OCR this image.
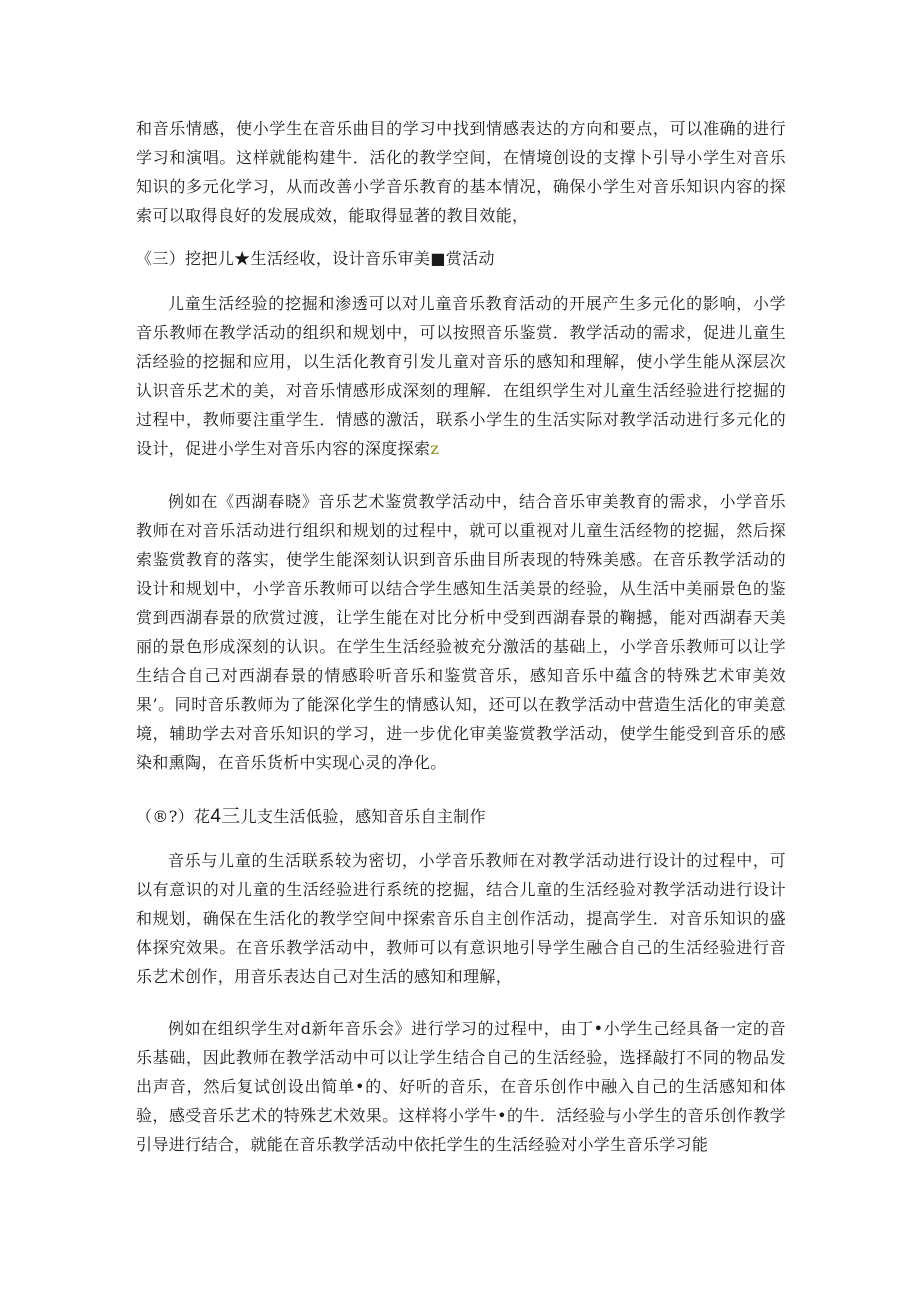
和音乐情感，使小学生在音乐曲目的学习中找到情感表达的方向和要点，可以准确的进行学习和演唱。这样就能构建牛．活化的教学空间，在情境创设的支撑卜引导小学生对音乐知识的多元化学习，从而改善小学音乐教育的基本情况，确保小学生对音乐知识内容的探索可以取得良好的发展成效，能取得显著的教目效能，

《三）挖把儿★生活经收，设计音乐审美■赏活动

儿童生活经验的挖掘和渗透可以对儿童音乐教育活动的开展产生多元化的影响，小学音乐教师在教学活动的组织和规划中，可以按照音乐鉴赏．教学活动的需求，促进儿童生活经验的挖掘和应用，以生活化教育引发儿童对音乐的感知和理解，使小学生能从深层次认识音乐艺术的美，对音乐情感形成深刻的理解．在组织学生对儿童生活经验进行挖掘的过程中，教师要注重学生．情感的激活，联系小学生的生活实际对教学活动进行多元化的设计，促进小学生对音乐内容的深度探索z

例如在《西湖春晓》音乐艺术鉴赏教学活动中，结合音乐审美教育的需求，小学音乐教师在对音乐活动进行组织和规划的过程中，就可以重视对儿童生活经物的挖掘，然后探索鉴赏教育的落实，使学生能深刻认识到音乐曲目所表现的特殊美感。在音乐教学活动的设计和规划中，小学音乐教师可以结合学生感知生活美景的经验，从生活中美丽景色的鉴赏到西湖春景的欣赏过渡，让学生能在对比分析中受到西湖春景的鞠撼，能对西湖春天美丽的景色形成深刻的认识。在学生生活经验被充分激活的基础上，小学音乐教师可以让学生结合自己对西湖春景的情感聆听音乐和鉴赏音乐，感知音乐中蕴含的特殊艺术审美效果’。同时音乐教师为了能深化学生的情感认知，还可以在教学活动中营造生活化的审美意境，辅助学去对音乐知识的学习，进一步优化审美鉴赏教学活动，使学生能受到音乐的感染和熏陶，在音乐货析中实现心灵的净化。

（®?）花4三儿支生活低验，感知音乐自主制作

音乐与儿童的生活联系较为密切，小学音乐教师在对教学活动进行设计的过程中，可以有意识的对儿童的生活经验进行系统的挖掘，结合儿童的生活经验对教学活动进行设计和规划，确保在生活化的教学空间中探索音乐自主创作活动，提高学生．对音乐知识的盛体探究效果。在音乐教学活动中，教师可以有意识地引导学生融合自己的生活经验进行音乐艺术创作，用音乐表达自己对生活的感知和理解，

例如在组织学生对d新年音乐会》进行学习的过程中，由丁•小学生己经具备一定的音乐基础，因此教师在教学活动中可以让学生结合自己的生活经验，选择敲打不同的物品发出声音，然后复试创设出简单•的、好听的音乐，在音乐创作中融入自己的生活感知和体验，感受音乐艺术的特殊艺术效果。这样将小学牛•的牛．活经验与小学生的音乐创作教学引导进行结合，就能在音乐教学活动中依托学生的生活经验对小学生音乐学习能
